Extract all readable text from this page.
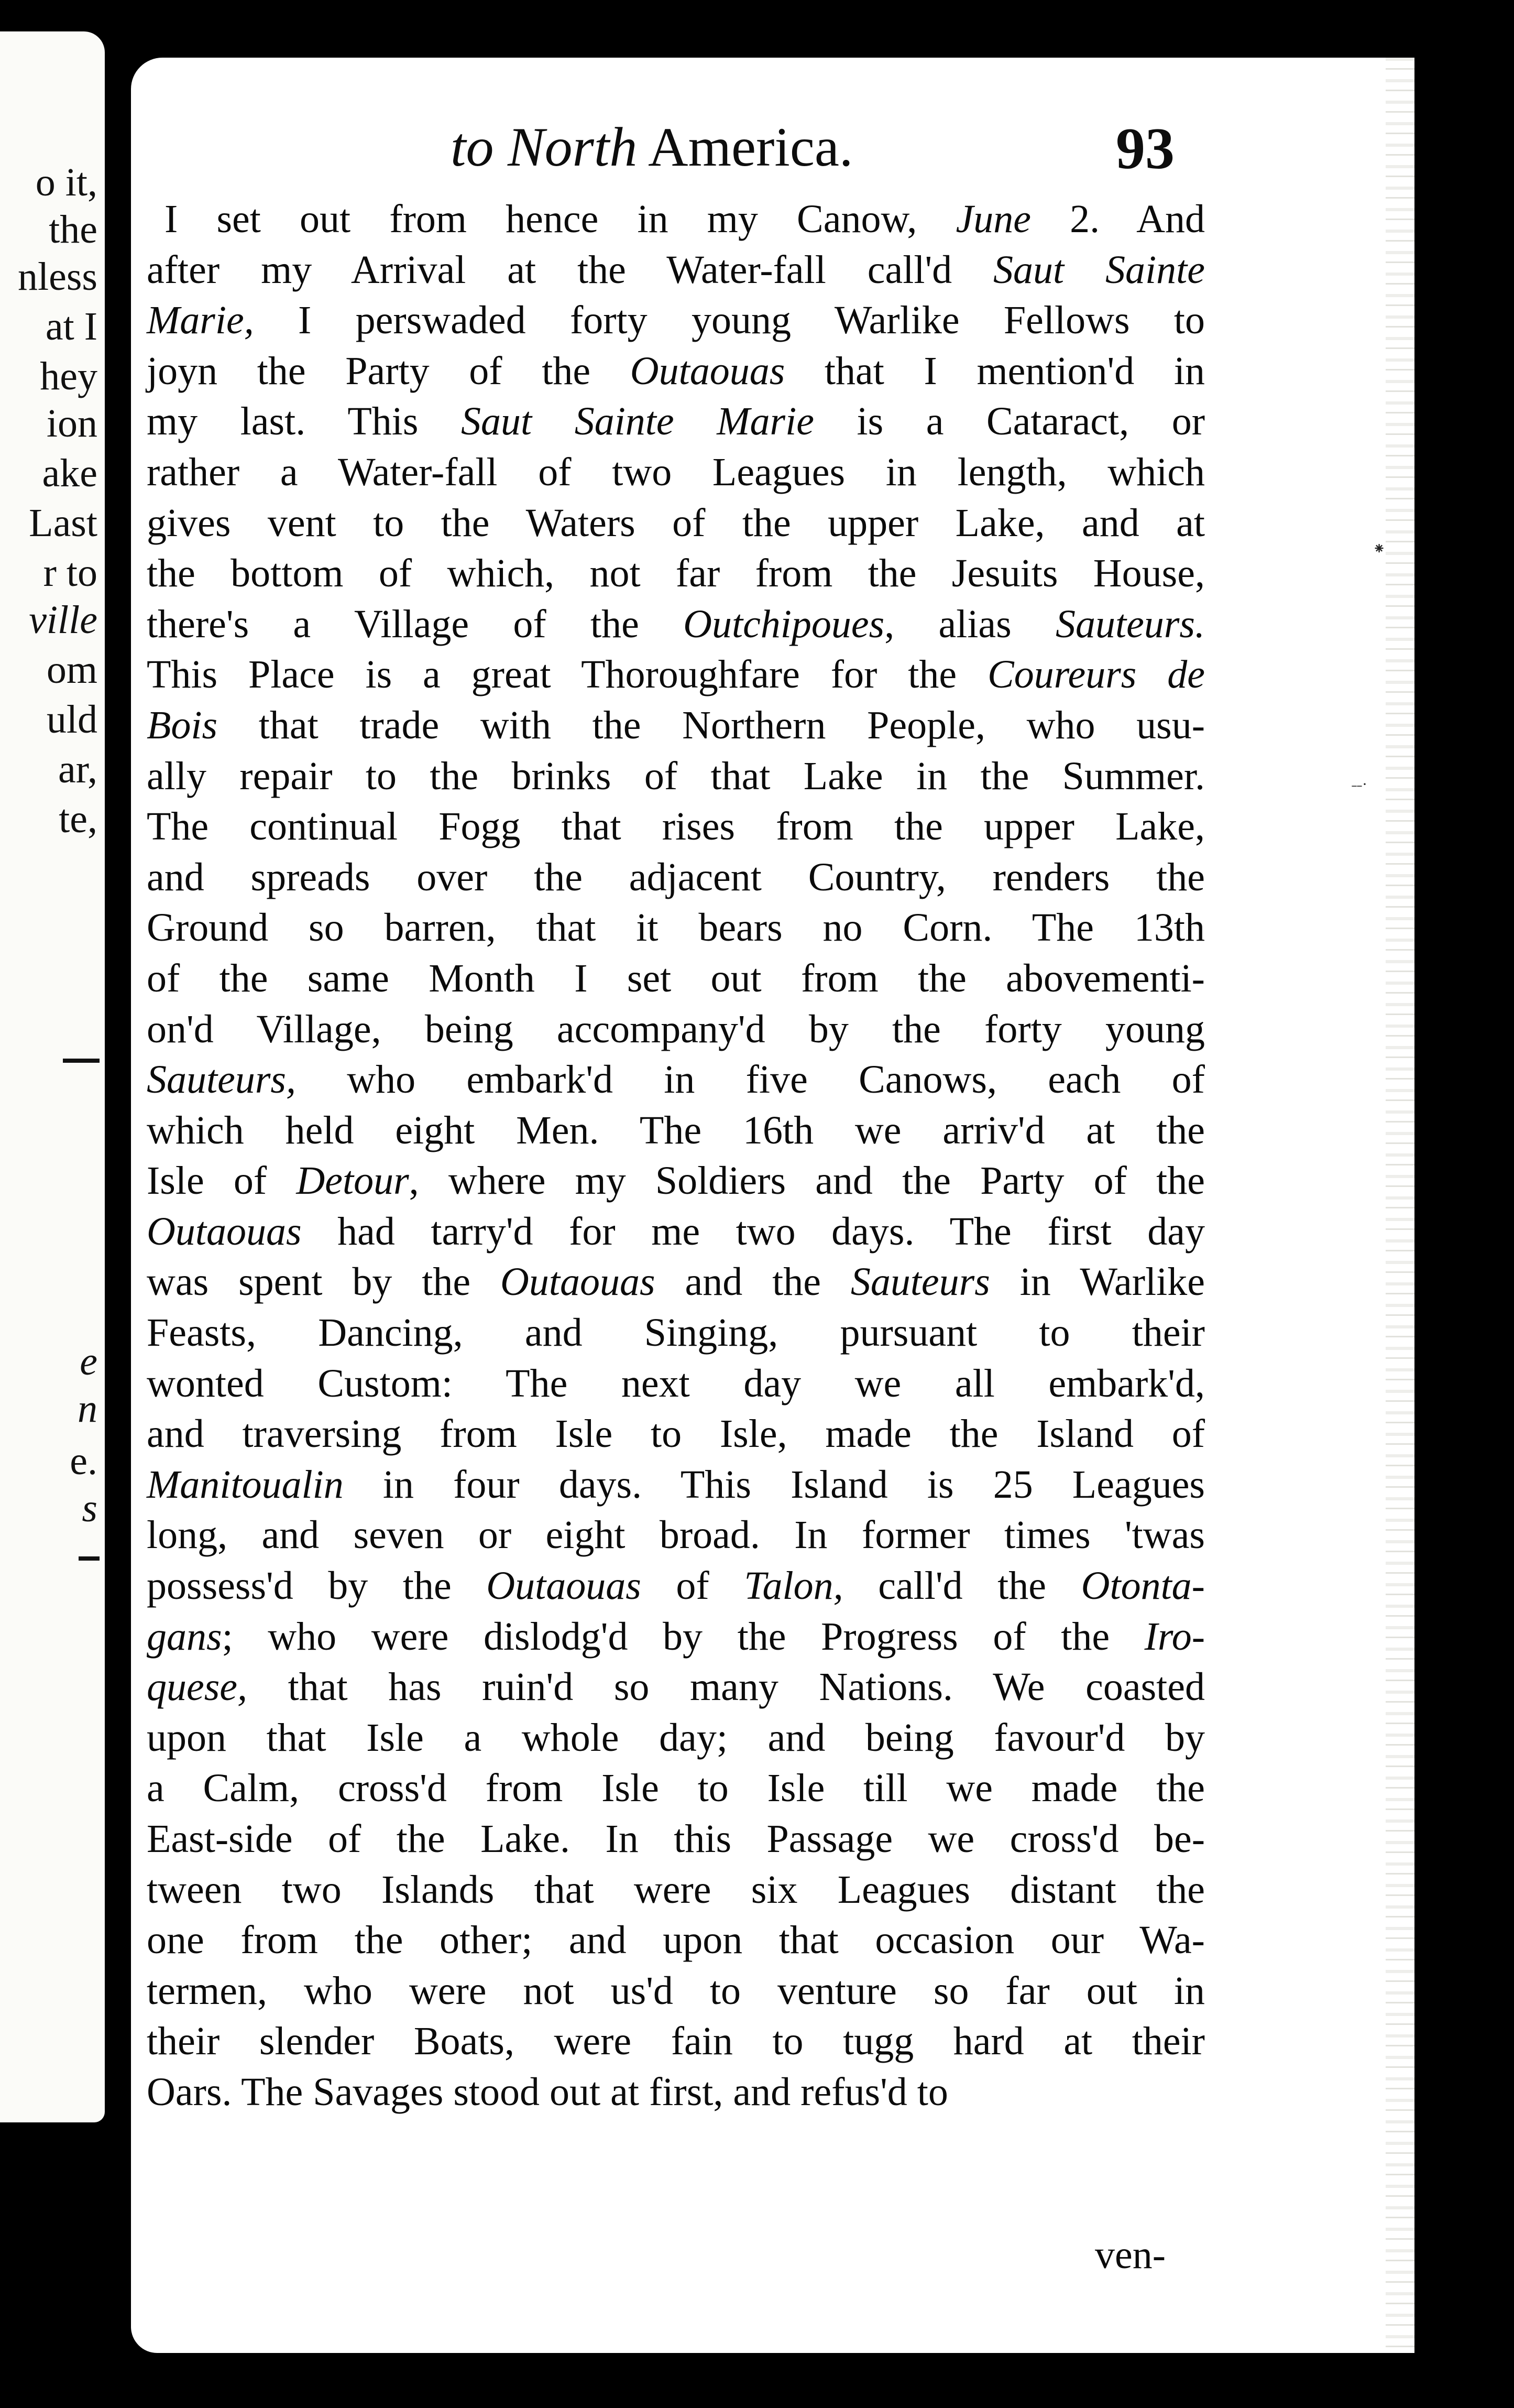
o it,
the
nless
at I
hey
ion
ake
Last
r to
ville
om
uld
ar,
te,
e
n
e.
s
to North America.	93
I set out from hence in my Canow, June 2. And
after my Arrival at the Water-fall call'd Saut Sainte
Marie, I perswaded forty young Warlike Fellows to
joyn the Party of the Outaouas that I mention'd in
my last. This Saut Sainte Marie is a Cataract, or
rather a Water-fall of two Leagues in length, which
gives vent to the Waters of the upper Lake, and at
the bottom of which, not far from the Jesuits House,
there's a Village of the Outchipoues, alias Sauteurs.
This Place is a great Thoroughfare for the Coureurs de
Bois that trade with the Northern People, who usu-
ally repair to the brinks of that Lake in the Summer.
The continual Fogg that rises from the upper Lake,
and spreads over the adjacent Country, renders the
Ground so barren, that it bears no Corn. The 13th
of the same Month I set out from the abovementi-
on'd Village, being accompany'd by the forty young
Sauteurs, who embark'd in five Canows, each of
which held eight Men. The 16th we arriv'd at the
Isle of Detour, where my Soldiers and the Party of the
Outaouas had tarry'd for me two days. The first day
was spent by the Outaouas and the Sauteurs in Warlike
Feasts, Dancing, and Singing, pursuant to their
wonted Custom: The next day we all embark'd,
and traversing from Isle to Isle, made the Island of
Manitoualin in four days. This Island is 25 Leagues
long, and seven or eight broad. In former times 'twas
possess'd by the Outaouas of Talon, call'd the Otonta-
gans; who were dislodg'd by the Progress of the Iro-
quese, that has ruin'd so many Nations. We coasted
upon that Isle a whole day; and being favour'd by
a Calm, cross'd from Isle to Isle till we made the
East-side of the Lake. In this Passage we cross'd be-
tween two Islands that were six Leagues distant the
one from the other; and upon that occasion our Wa-
termen, who were not us'd to venture so far out in
their slender Boats, were fain to tugg hard at their
Oars. The Savages stood out at first, and refus'd to
ven-
⁕
˗˗·
